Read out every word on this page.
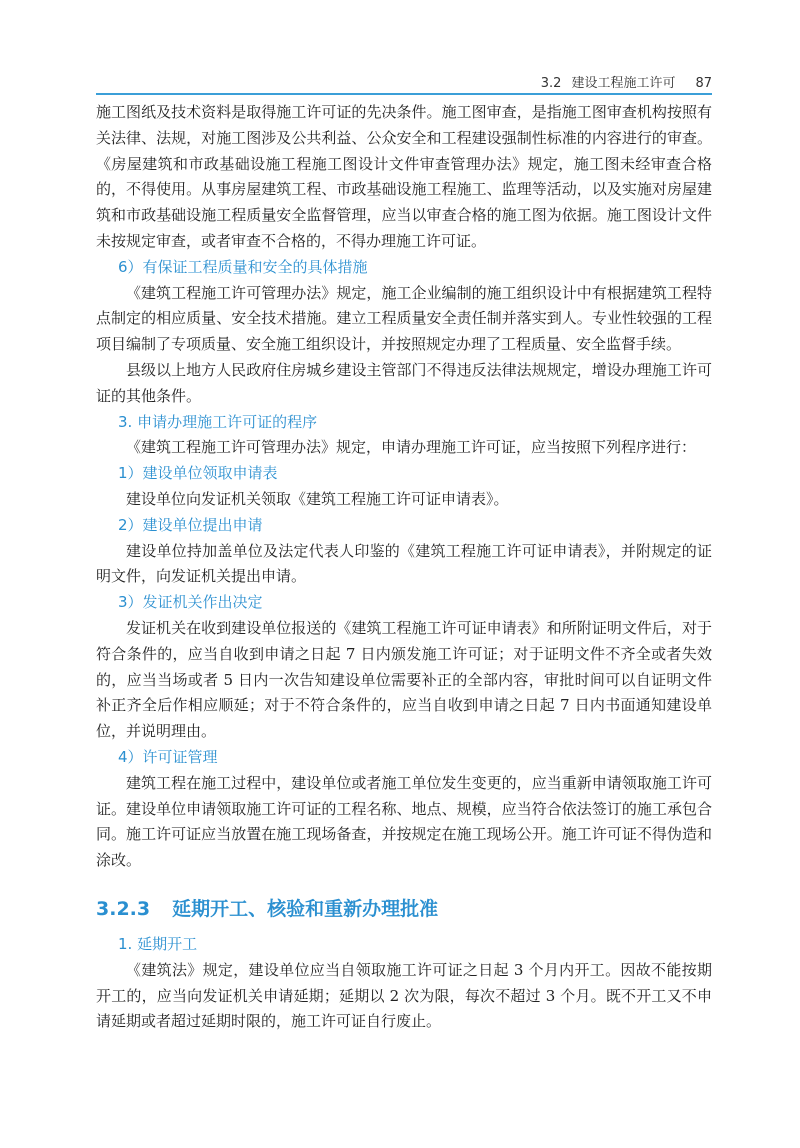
3.2 建设工程施工许可 87

施工图纸及技术资料是取得施工许可证的先决条件。施工图审查，是指施工图审查机构按照有关法律、法规，对施工图涉及公共利益、公众安全和工程建设强制性标准的内容进行的审查。《房屋建筑和市政基础设施工程施工图设计文件审查管理办法》规定，施工图未经审查合格的，不得使用。从事房屋建筑工程、市政基础设施工程施工、监理等活动，以及实施对房屋建筑和市政基础设施工程质量安全监督管理，应当以审查合格的施工图为依据。施工图设计文件未按规定审查，或者审查不合格的，不得办理施工许可证。

6）有保证工程质量和安全的具体措施

《建筑工程施工许可管理办法》规定，施工企业编制的施工组织设计中有根据建筑工程特点制定的相应质量、安全技术措施。建立工程质量安全责任制并落实到人。专业性较强的工程项目编制了专项质量、安全施工组织设计，并按照规定办理了工程质量、安全监督手续。

县级以上地方人民政府住房城乡建设主管部门不得违反法律法规规定，增设办理施工许可证的其他条件。

3. 申请办理施工许可证的程序

《建筑工程施工许可管理办法》规定，申请办理施工许可证，应当按照下列程序进行：

1）建设单位领取申请表

建设单位向发证机关领取《建筑工程施工许可证申请表》。

2）建设单位提出申请

建设单位持加盖单位及法定代表人印鉴的《建筑工程施工许可证申请表》，并附规定的证明文件，向发证机关提出申请。

3）发证机关作出决定

发证机关在收到建设单位报送的《建筑工程施工许可证申请表》和所附证明文件后，对于符合条件的，应当自收到申请之日起 7 日内颁发施工许可证；对于证明文件不齐全或者失效的，应当当场或者 5 日内一次告知建设单位需要补正的全部内容，审批时间可以自证明文件补正齐全后作相应顺延；对于不符合条件的，应当自收到申请之日起 7 日内书面通知建设单位，并说明理由。

4）许可证管理

建筑工程在施工过程中，建设单位或者施工单位发生变更的，应当重新申请领取施工许可证。建设单位申请领取施工许可证的工程名称、地点、规模，应当符合依法签订的施工承包合同。施工许可证应当放置在施工现场备查，并按规定在施工现场公开。施工许可证不得伪造和涂改。

3.2.3 延期开工、核验和重新办理批准
1. 延期开工

《建筑法》规定，建设单位应当自领取施工许可证之日起 3 个月内开工。因故不能按期开工的，应当向发证机关申请延期；延期以 2 次为限，每次不超过 3 个月。既不开工又不申请延期或者超过延期时限的，施工许可证自行废止。
